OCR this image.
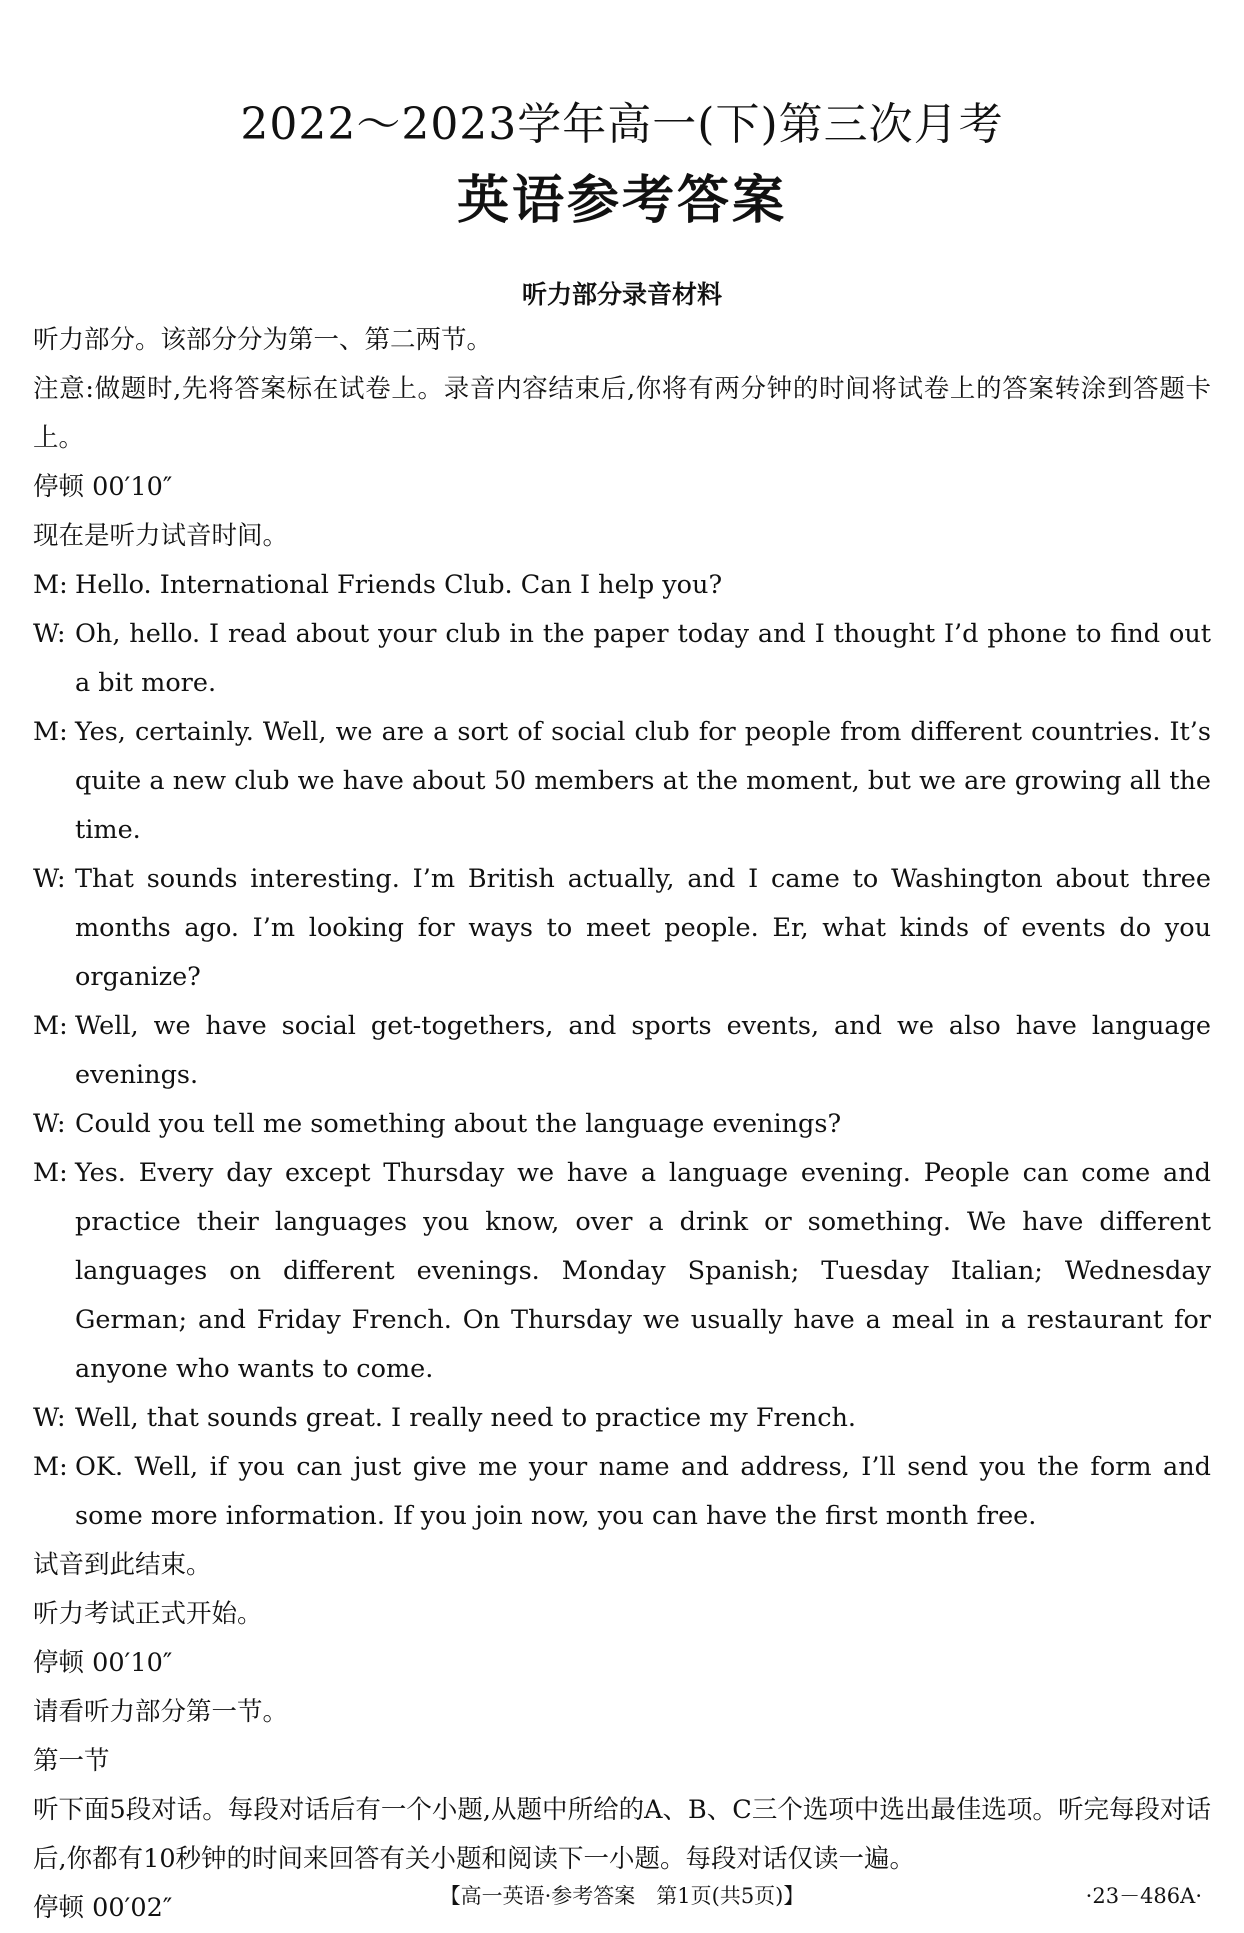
2022～2023学年高一(下)第三次月考
英语参考答案
听力部分录音材料

听力部分。该部分分为第一、第二两节。

注意:做题时,先将答案标在试卷上。录音内容结束后,你将有两分钟的时间将试卷上的答案转涂到答题卡上。

停顿 00′10″

现在是听力试音时间。

M: Hello. International Friends Club. Can I help you?

W: Oh, hello. I read about your club in the paper today and I thought I’d phone to find out a bit more.

M: Yes, certainly. Well, we are a sort of social club for people from different countries. It’s quite a new club we have about 50 members at the moment, but we are growing all the time.

W: That sounds interesting. I’m British actually, and I came to Washington about three months ago. I’m looking for ways to meet people. Er, what kinds of events do you organize?

M: Well, we have social get-togethers, and sports events, and we also have language evenings.

W: Could you tell me something about the language evenings?

M: Yes. Every day except Thursday we have a language evening. People can come and practice their languages you know, over a drink or something. We have different languages on different evenings. Monday Spanish; Tuesday Italian; Wednesday German; and Friday French. On Thursday we usually have a meal in a restaurant for anyone who wants to come.

W: Well, that sounds great. I really need to practice my French.

M: OK. Well, if you can just give me your name and address, I’ll send you the form and some more information. If you join now, you can have the first month free.

试音到此结束。

听力考试正式开始。

停顿 00′10″

请看听力部分第一节。

第一节

听下面5段对话。每段对话后有一个小题,从题中所给的A、B、C三个选项中选出最佳选项。听完每段对话后,你都有10秒钟的时间来回答有关小题和阅读下一小题。每段对话仅读一遍。

停顿 00′02″	【高一英语·参考答案　第1页(共5页)】	·23－486A·
